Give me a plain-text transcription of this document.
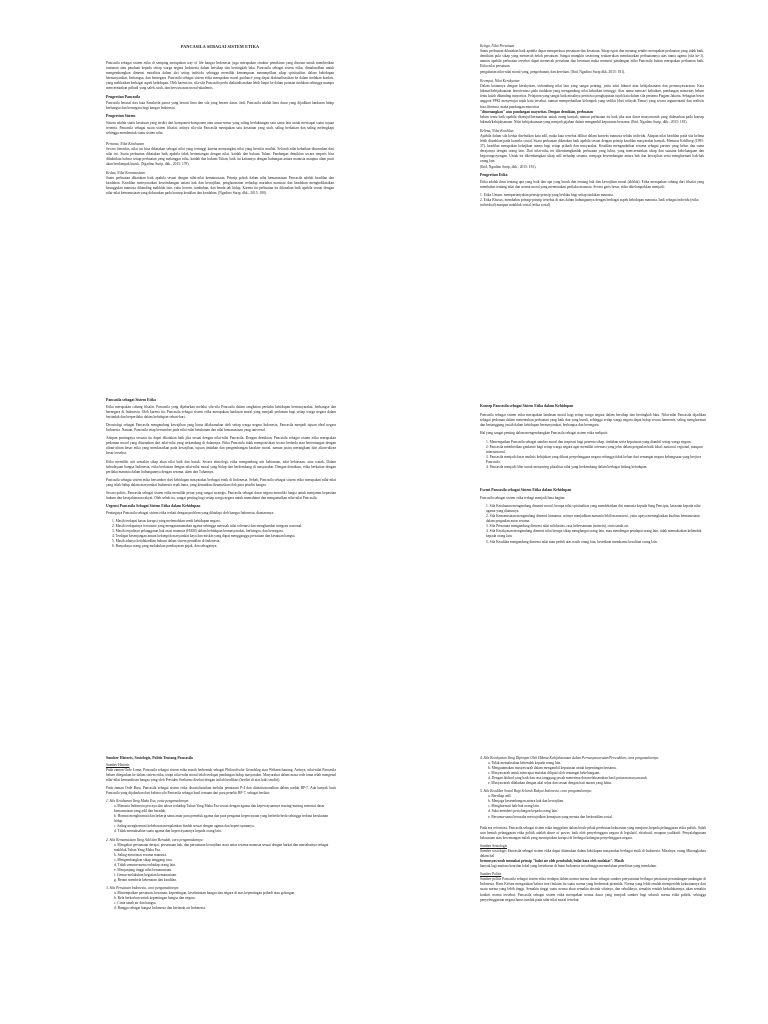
PANCASILA SEBAGAI SISTEM ETIKA

Pancasila sebagai sistem etika di samping merupakan way of life bangsa Indonesia, juga merupakan struktur pemikiran yang disusun untuk memberikan tuntunan atau panduan kepada setiap warga negara Indonesia dalam bersikap dan bertingkah laku. Pancasila sebagai sistem etika, dimaksudkan untuk mengembangkan dimensi moralitas dalam diri setiap individu sehingga memiliki kemampuan menampilkan sikap spiritualitas dalam kehidupan bermasyarakat, berbangsa, dan bernegara. Pancasila sebagai sistem etika merupakan moral guidance yang dapat diaktualisasikan ke dalam tindakan konkrit, yang melibatkan berbagai aspek kehidupan. Oleh karena itu, sila-sila Pancasila perlu diaktualisasikan lebih lanjut ke dalam putusan tindakan sehingga mampu mencerminkan pribadi yang saleh, utuh, dan berwawasan moral-akademis.

Pengertian Pancasila

Pancasila berasal dari kata Sanskerta panca yang berarti lima dan sila yang berarti dasar. Jadi, Pancasila adalah lima dasar yang dijadikan landasan hidup berbangsa dan bernegara bagi bangsa Indonesia.

Pengertian Sistem

Sistem adalah suatu kesatuan yang terdiri dari komponen-komponen atau unsur-unsur yang saling berhubungan satu sama lain untuk mencapai suatu tujuan tertentu. Pancasila sebagai suatu sistem filsafat, artinya sila-sila Pancasila merupakan satu kesatuan yang utuh, saling berkaitan dan saling melengkapi sehingga membentuk suatu sistem nilai.

Pertama, Nilai Ketuhanan

Secara hierarkis, nilai ini bisa dikatakan sebagai nilai yang tertinggi karena menyangkut nilai yang bersifat mutlak. Seluruh nilai kebaikan diturunkan dari nilai ini. Suatu perbuatan dikatakan baik apabila tidak bertentangan dengan nilai, kaidah dan hukum Tuhan. Pandangan demikian secara empiris bisa dibuktikan bahwa setiap perbuatan yang melanggar nilai, kaidah dan hukum Tuhan, baik itu kaitannya dengan hubungan antara manusia maupun alam pasti akan berdampak buruk. (Ngadino Surip, dkk., 2015: 178).

Kedua, Nilai Kemanusiaan

Suatu perbuatan dikatakan baik apabila sesuai dengan nilai-nilai kemanusiaan. Prinsip pokok dalam nilai kemanusiaan Pancasila adalah keadilan dan keadaban. Keadilan mensyaratkan keseimbangan antara hak dan kewajiban, penghormatan terhadap martabat manusia dan keadaban mengindikasikan keunggulan manusia dibanding makhluk lain, yaitu hewan, tumbuhan, dan benda tak hidup. Karena itu perbuatan itu dikatakan baik apabila sesuai dengan nilai-nilai kemanusiaan yang didasarkan pada konsep keadilan dan keadaban. (Ngadino Surip, dkk., 2015: 180).

Ketiga, Nilai Persatuan

Suatu perbuatan dikatakan baik apabila dapat memperkuat persatuan dan kesatuan. Sikap egois dan menang sendiri merupakan perbuatan yang tidak baik, demikian pula sikap yang memecah belah persatuan. Sangat mungkin seseorang seakan-akan mendasarkan perbuatannya atas nama agama (sila ke-1), namun apabila perbuatan tersebut dapat memecah persatuan dan kesatuan maka menurut pandangan etika Pancasila bukan merupakan perbuatan baik. Etika nilai persatuan

pengabaian nilai-nilai moral yang, pengorbanan, dan kerelaan. (Ibid, Ngadino Surip dkk, 2015: 181).

Keempat, Nilai Kerakyatan

Dalam kaitannya dengan kerakyatan, terkandung nilai lain yang sangat penting, yaitu nilai hikmat atau kebijaksanaan dan permusyawaratan. Kata hikmat/kebijaksanaan berorientasi pada tindakan yang mengandung nilai kebaikan tertinggi. Atas nama mencari kebaikan, pandangan minoritas belum tentu kalah dibanding mayoritas. Pelajaran yang sangat baik misalnya peristiwa penghapusan tujuh kata dalam sila pertama Piagam Jakarta. Sebagian besar anggota PPKI menyetujui tujuh kata tersebut, namun memperhatikan kelompok yang sedikit (dari wilayah Timur) yang secara argumentatif dan realistis bisa diterima, maka pandangan minoritas

"dimenangkan" atas pandangan mayoritas. Dengan demikian, perbuatan

belum tentu baik apabila disetujui/bermanfaat untuk orang banyak, namun perbuatan itu baik jika atas dasar musyawarah yang didasarkan pada konsep hikmah/kebijaksanaan. Nilai kebijaksanaan yang menjadi pijakan dalam mengambil keputusan bersama. (Ibid, Ngadino Surip, dkk., 2015: 181).

Kelima, Nilai Keadilan

Apabila dalam sila kedua disebutkan kata adil, maka kata tersebut dilihat dalam konteks manusia selaku individu. Adapun nilai keadilan pada sila kelima lebih diarahkan pada konteks sosial. Suatu perbuatan dikatakan baik apabila sesuai dengan prinsip keadilan masyarakat banyak. Menurut Kohlberg (1995: 37), keadilan merupakan kebajikan utama bagi setiap pribadi dan masyarakat. Keadilan mengandaikan sesama sebagai partner yang bebas dan sama derajatnya dengan orang lain. Dari nilai-nilai ini dikembangkanlah perbuatan yang luhur, yang mencerminkan sikap dan suasana kekeluargaan dan kegotongroyongan. Untuk itu dikembangkan sikap adil terhadap sesama, menjaga keseimbangan antara hak dan kewajiban serta menghormati hak-hak orang lain.

(Ibid, Ngadino Surip, dkk., 2015: 181).

Pengertian Etika

Etika adalah ilmu tentang apa yang baik dan apa yang buruk dan tentang hak dan kewajiban moral (akhlak). Etika merupakan cabang dari filsafat yang membahas tentang nilai dan norma moral yang menentukan perilaku manusia. Secara garis besar, etika dikelompokkan menjadi:

1. Etika Umum, mempertanyakan prinsip-prinsip yang berlaku bagi setiap tindakan manusia.
2. Etika Khusus, membahas prinsip-prinsip tersebut di atas dalam hubungannya dengan berbagai aspek kehidupan manusia, baik sebagai individu (etika individual) maupun makhluk sosial (etika sosial).
Pancasila sebagai Sistem Etika

Etika merupakan cabang filsafat. Pancasila yang dijabarkan melalui sila-sila Pancasila dalam rangkaian perilaku kehidupan bermasyarakat, berbangsa dan bernegara di Indonesia. Oleh karena itu, Pancasila sebagai sistem etika merupakan landasan moral yang menjadi pedoman bagi setiap warga negara dalam bertindak dan berperilaku dalam kehidupan sehari-hari.

Deontologi sebagai Pancasila mengandung kewajiban yang harus dilaksanakan oleh setiap warga negara Indonesia. Pancasila menjadi tujuan ideal negara Indonesia. Namun, Pancasila tetap bersumber pada nilai-nilai ketuhanan dan nilai kemanusiaan yang universal.

Adapun pentingnya sesuatu itu dapat dikatakan baik jika sesuai dengan nilai-nilai Pancasila. Dengan demikian, Pancasila sebagai sistem etika merupakan pedoman moral yang diturunkan dari nilai-nilai yang terkandung di dalamnya. Etika Pancasila tidak memposisikan secara berbeda atau bertentangan dengan aliran-aliran besar etika yang mendasarkan pada kewajiban, tujuan tindakan dan pengembangan karakter moral, namun justru merangkum dari aliran-aliran besar tersebut.

Etika memiliki arti semakin sikap akan nilai baik dan buruk. Secara etimologi, etika mengandung arti kebiasaan, adat kebiasaan, atau watak. Dalam kebudayaan bangsa Indonesia, etika berkaitan dengan nilai-nilai moral yang hidup dan berkembang di masyarakat. Dengan demikian, etika berkaitan dengan perilaku manusia dalam hubungannya dengan sesama, alam dan Tuhannya.

Pancasila sebagai sistem etika bersumber dari kehidupan masyarakat berbagai etnik di Indonesia. Sebab, Pancasila sebagai sistem etika merupakan nilai-nilai yang telah hidup dalam masyarakat Indonesia sejak lama, yang kemudian dirumuskan oleh para pendiri bangsa.

Secara politis, Pancasila sebagai sistem etika memiliki peran yang sangat strategis. Pancasila sebagai dasar negara memiliki fungsi untuk menjamin kepastian hukum dan kesejahteraan rakyat. Oleh sebab itu, sangat penting bagi setiap warga negara untuk memahami dan mengamalkan nilai-nilai Pancasila.

Urgensi Pancasila Sebagai Sistem Etika dalam Kehidupan

Pentingnya Pancasila sebagai sistem etika terkait dengan problem yang dihadapi oleh bangsa Indonesia, diantaranya:

1. Masih terdapat kasus korupsi yang melemahkan sendi kehidupan negara.
2. Masih terdapatnya terorisme yang mengatasnamakan agama sehingga merusak nilai toleransi dan menghambat integrasi nasional.
3. Masih terjadinya pelanggaran hak asasi manusia (HAM) dalam kehidupan bermasyarakat, berbangsa, dan bernegara.
4. Terdapat kesenjangan antara kelompok masyarakat kaya dan miskin yang dapat mengganggu persatuan dan kesatuan bangsa.
5. Masih adanya ketidakadilan hukum dalam sistem peradilan di Indonesia.
6. Banyaknya orang yang melakukan pembayaran pajak, dan sebagainya.
Konsep Pancasila sebagai Sistem Etika dalam Kehidupan

Pancasila sebagai sistem etika merupakan landasan moral bagi setiap warga negara dalam bersikap dan bertingkah laku. Nilai-nilai Pancasila dijadikan sebagai pedoman dalam menentukan perbuatan yang baik dan yang buruk, sehingga setiap warga negara dapat hidup secara harmonis, saling menghormati dan bertanggung jawab dalam kehidupan bermasyarakat, berbangsa dan bernegara.

Hal yang sangat penting dalam mengembangkan Pancasila sebagai sistem etika meliputi:

1. Menempatkan Pancasila sebagai sumber moral dan inspirasi bagi penentu sikap, tindakan serta keputusan yang diambil setiap warga negara.
2. Pancasila memberikan guidance bagi setiap warga negara agar memiliki orientasi yang jelas dalam pergaulan baik lokal, nasional, regional, maupun internasional.
3. Pancasila menjadi dasar analisis kebijakan yang dibuat penyelenggara negara sehingga tidak keluar dari semangat negara kebangsaan yang berjiwa Pancasila.
4. Pancasila menjadi filter untuk menyaring pluralitas nilai yang berkembang dalam berbagai bidang kehidupan.
Esensi Pancasila sebagai Sistem Etika dalam Kehidupan

Pancasila sebagai sistem etika terbagi menjadi lima bagian:

1. Sila Ketuhanan mengandung dimensi moral, berupa nilai spiritualitas yang mendekatkan diri manusia kepada Sang Pencipta, ketaatan kepada nilai agama yang dianutnya.
2. Sila Kemanusiaan mengandung dimensi humanus, artinya menjadikan manusia lebih manusiawi, yaitu upaya meningkatkan kualitas kemanusiaan dalam pergaulan antar sesama.
3. Sila Persatuan mengandung dimensi nilai solidaritas, rasa kebersamaan (mitsein), cinta tanah air.
4. Sila Kerakyatan mengandung dimensi nilai berupa sikap menghargai orang lain, mau mendengar pendapat orang lain, tidak memaksakan kehendak kepada orang lain.
5. Sila Keadilan mengandung dimensi nilai mau peduli atas nasib orang lain, kesediaan membantu kesulitan orang lain.
Sumber Historis, Sosiologis, Politis Tentang Pancasila

Sumber Historis

Pada zaman Orde Lama, Pancasila sebagai sistem etika masih berbentuk sebagai Philosofische Grondslag atau Weltanschauung. Artinya, nilai-nilai Pancasila belum ditegaskan ke dalam sistem etika, tetapi nilai-nilai moral telah terdapat pandangan hidup masyarakat. Masyarakat dalam masa orde lama telah mengenal nilai-nilai kemandirian bangsa yang oleh Presiden Soekarno disebut dengan istilah berdikari (berdiri di atas kaki sendiri).

Pada zaman Orde Baru, Pancasila sebagai sistem etika disosialisasikan melalui penataran P-4 dan diinstitusionalkan dalam wadah BP-7. Ada banyak butir Pancasila yang dijabarkan dari kelima sila Pancasila sebagai hasil temuan dari para peneliti BP-7, sebagai berikut:

1. Sila Ketuhanan Yang Maha Esa, yaitu pengamalannya:

a. Manusia Indonesia percaya dan takwa terhadap Tuhan Yang Maha Esa sesuai dengan agama dan kepercayaannya masing-masing menurut dasar kemanusiaan yang adil dan beradab.
b. Hormat menghormati dan bekerja sama antar para pemeluk agama dan para penganut kepercayaan yang berbeda-beda sehingga terbina kerukunan hidup.
c. Saling menghormati kebebasan menjalankan ibadah sesuai dengan agama dan kepercayaannya.
d. Tidak memaksakan suatu agama dan kepercayaannya kepada orang lain.

2. Sila Kemanusiaan Yang Adil dan Beradab, cara pengamalannya:

a. Mengakui persamaan derajat, persamaan hak, dan persamaan kewajiban asasi antar sesama manusia sesuai dengan harkat dan martabatnya sebagai makhluk Tuhan Yang Maha Esa.
b. Saling mencintai sesama manusia.
c. Mengembangkan sikap tenggang rasa.
d. Tidak semena-mena terhadap orang lain.
e. Menjunjung tinggi nilai kemanusiaan.
f. Gemar melakukan kegiatan kemanusiaan.
g. Berani membela kebenaran dan keadilan.

3. Sila Persatuan Indonesia, cara pengamalannya:

a. Menempatkan persatuan, kesatuan, kepentingan, keselamatan bangsa dan negara di atas kepentingan pribadi atau golongan.
b. Rela berkorban untuk kepentingan bangsa dan negara.
c. Cinta tanah air dan bangsa.
d. Bangga sebagai bangsa Indonesia dan bertanah air Indonesia.

4. Sila Kerakyatan Yang Dipimpin Oleh Hikmat Kebijaksanaan dalam Permusyawaratan/Perwakilan, cara pengamalannya:

a. Tidak memaksakan kehendak kepada orang lain.
b. Mengutamakan musyawarah dalam mengambil keputusan untuk kepentingan bersama.
c. Musyawarah untuk mencapai mufakat diliputi oleh semangat kekeluargaan.
d. Dengan iktikad yang baik dan rasa tanggung jawab menerima dan melaksanakan hasil putusan musyawarah.
e. Musyawarah dilakukan dengan akal sehat dan sesuai dengan hati nurani yang luhur.

5. Sila Keadilan Sosial Bagi Seluruh Rakyat Indonesia, cara pengamalannya:

a. Bersikap adil.
b. Menjaga keseimbangan antara hak dan kewajiban.
c. Menghormati hak-hak orang lain.
d. Suka memberi pertolongan kepada orang lain.
e. Bersama-sama berusaha mewujudkan kemajuan yang merata dan berkeadilan sosial.

Pada era reformasi, Pancasila sebagai sistem etika tenggelam dalam hiruk-pikuk perebutan kekuasaan yang menjurus kepada pelanggaran etika politik. Salah satu bentuk pelanggaran etika politik adalah abuse of power, baik oleh penyelenggara negara di legislatif, eksekutif, maupun yudikatif. Penyalahgunaan kekuasaan atau kewenangan inilah yang menciptakan korupsi di berbagai kalangan penyelenggara negara.

Sumber Sosiologis

Sumber sosiologis Pancasila sebagai sistem etika dapat ditemukan dalam kehidupan masyarakat berbagai etnik di Indonesia. Misalnya, orang Minangkabau dalam hal

bermusyawarah memakai prinsip "bulat air oleh pembuluh, bulat kata oleh mufakat". Masih

banyak lagi mutiara kearifan lokal yang bertebaran di bumi Indonesia ini sehingga memerlukan penelitian yang mendalam.

Sumber Politis

Sumber politis Pancasila sebagai sistem etika terdapat dalam norma-norma dasar sebagai sumber penyusunan berbagai peraturan perundangan-undangan di Indonesia. Hans Kelsen mengatakan bahwa teori hukum itu suatu norma yang berbentuk piramida. Norma yang lebih rendah memperoleh kekuatannya dari suatu norma yang lebih tinggi. Semakin tinggi suatu norma akan semakin abstrak sifatnya, dan sebaliknya, semakin rendah kedudukannya, akan semakin konkrit norma tersebut. Pancasila sebagai sistem etika merupakan norma dasar yang menjadi sumber bagi seluruh norma etika politik, sehingga penyelenggaraan negara harus tunduk pada nilai-nilai moral tersebut.
